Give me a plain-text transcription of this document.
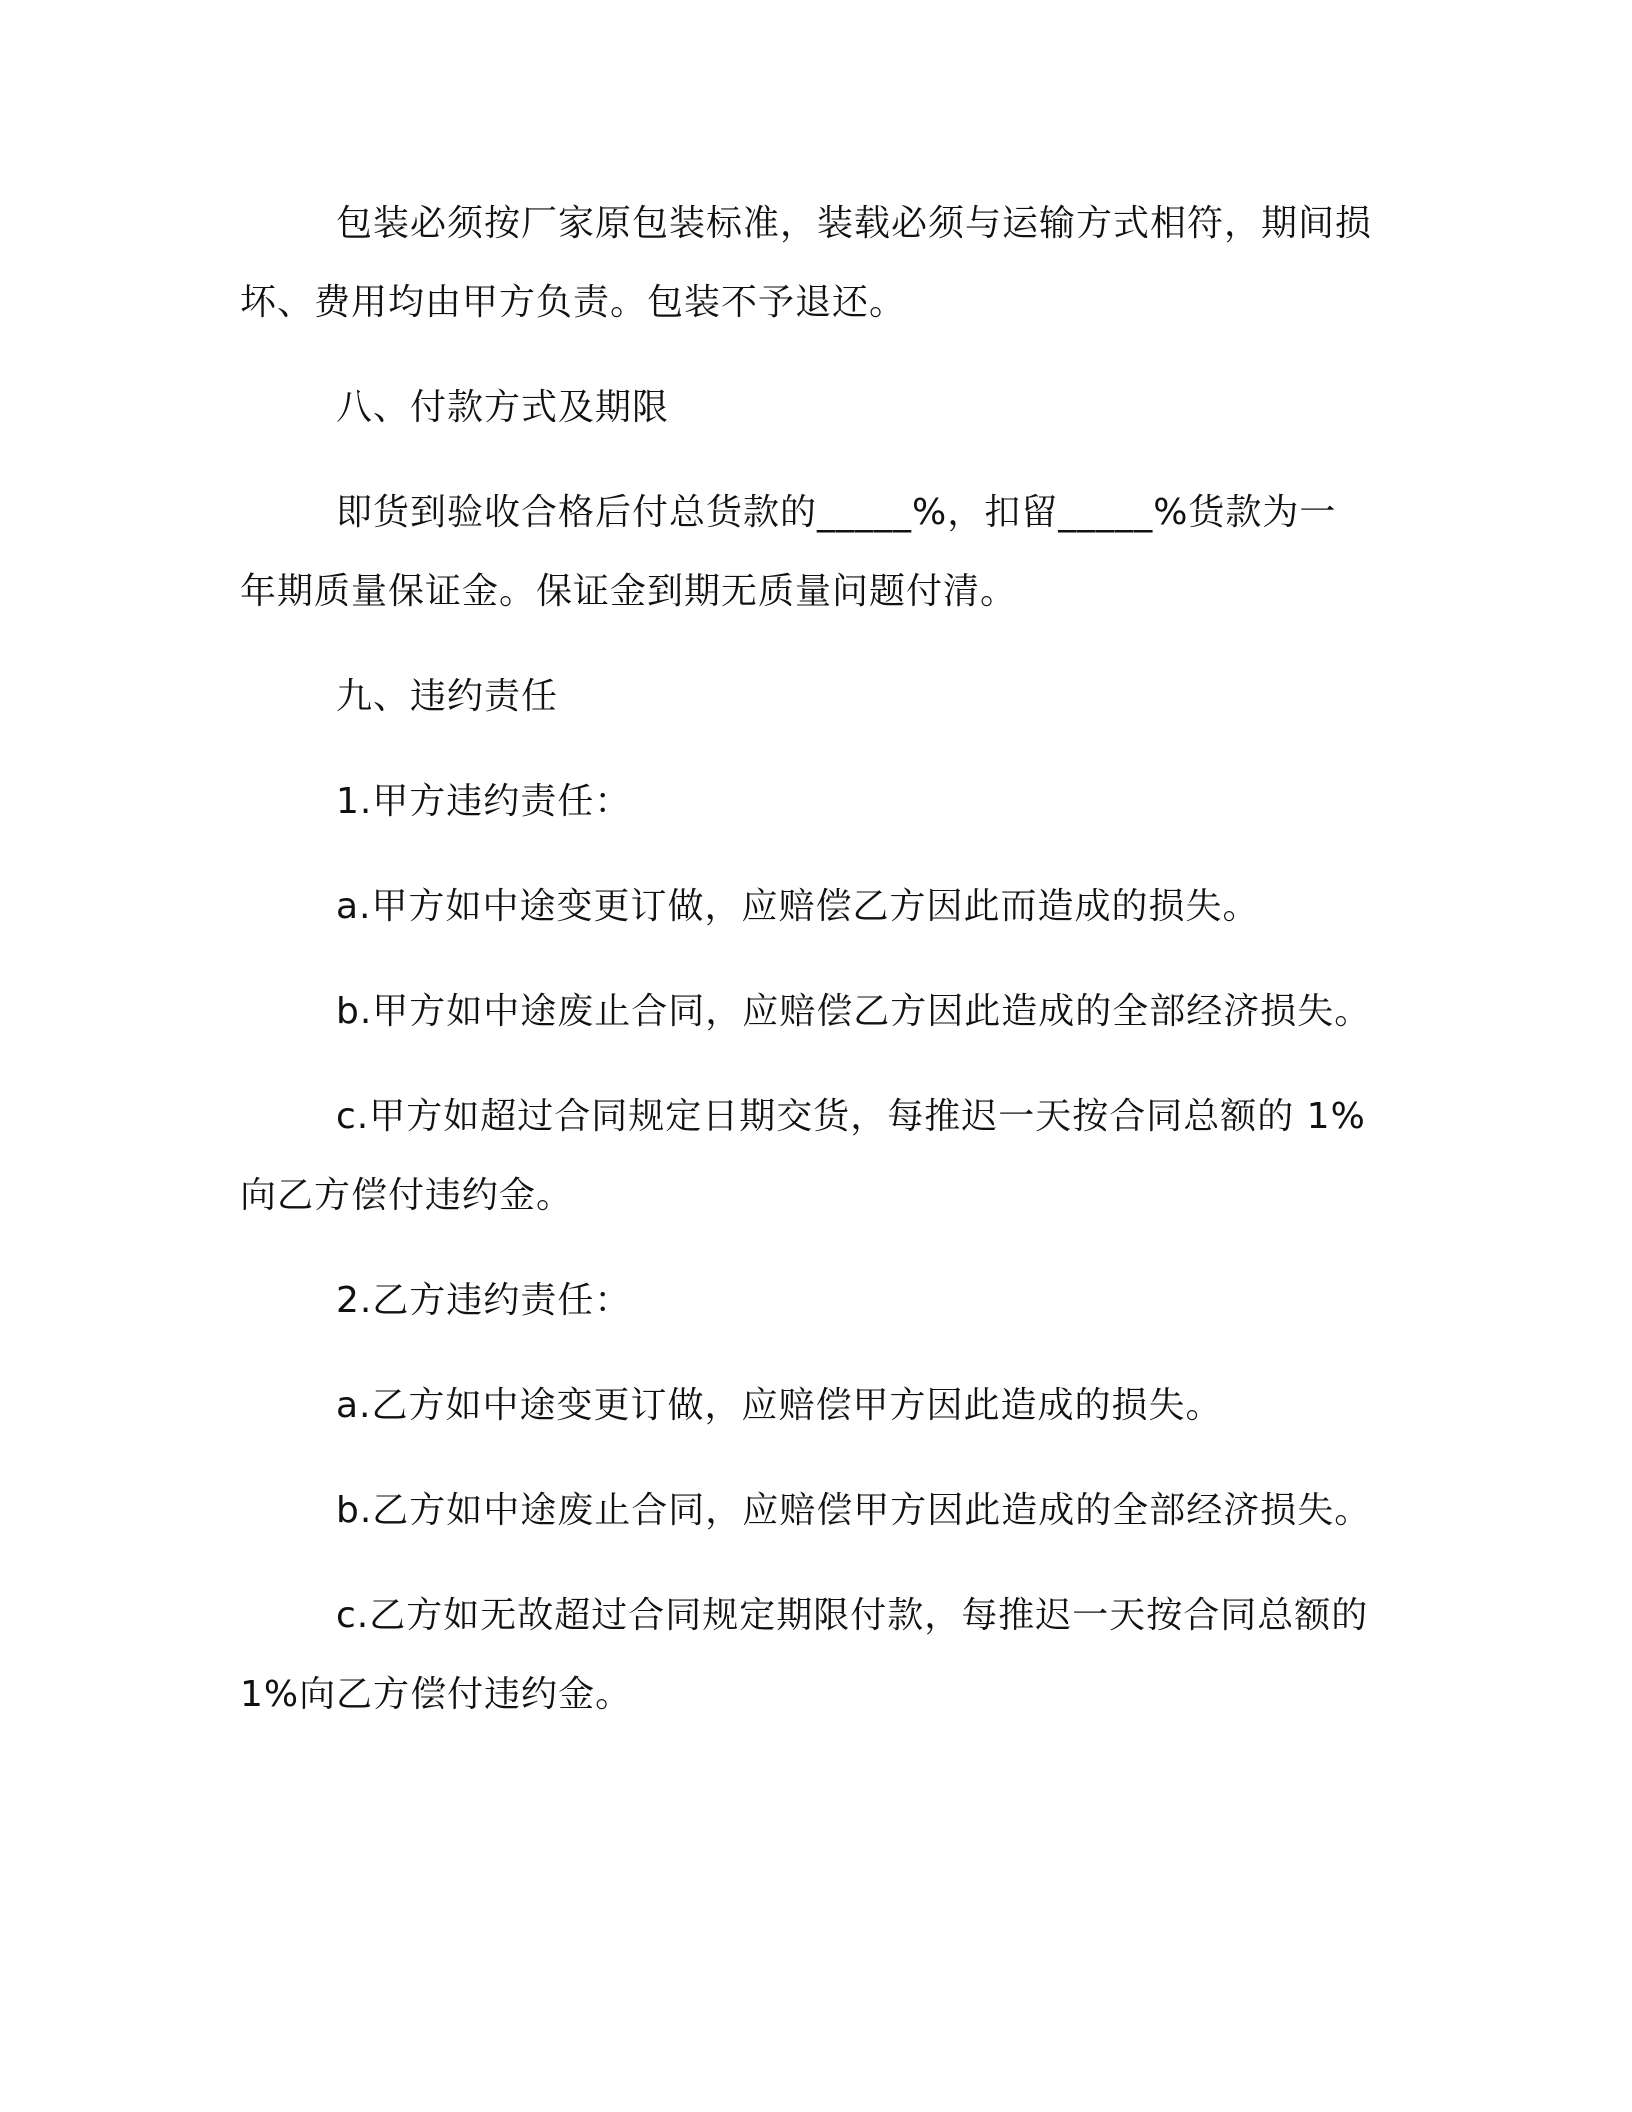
包装必须按厂家原包装标准，装载必须与运输方式相符，期间损坏、费用均由甲方负责。包装不予退还。

八、付款方式及期限

即货到验收合格后付总货款的_____%，扣留_____%货款为一年期质量保证金。保证金到期无质量问题付清。

九、违约责任

1.甲方违约责任：

a.甲方如中途变更订做，应赔偿乙方因此而造成的损失。

b.甲方如中途废止合同，应赔偿乙方因此造成的全部经济损失。

c.甲方如超过合同规定日期交货，每推迟一天按合同总额的 1%向乙方偿付违约金。

2.乙方违约责任：

a.乙方如中途变更订做，应赔偿甲方因此造成的损失。

b.乙方如中途废止合同，应赔偿甲方因此造成的全部经济损失。

c.乙方如无故超过合同规定期限付款，每推迟一天按合同总额的1%向乙方偿付违约金。
